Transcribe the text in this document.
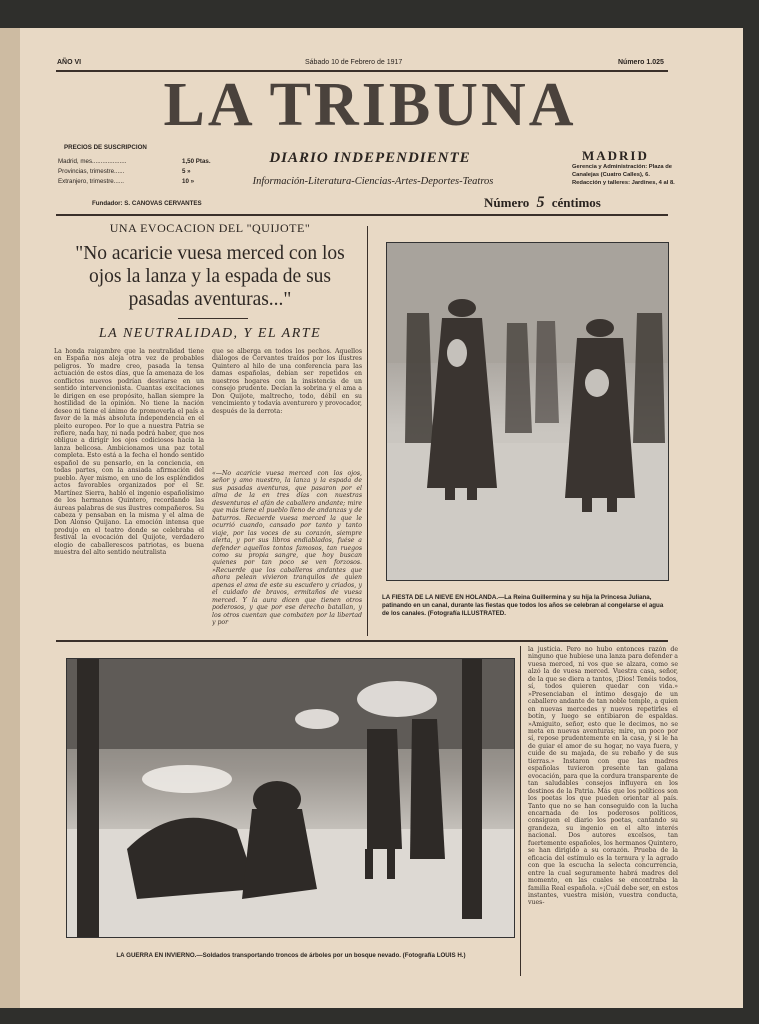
AÑO VI	Sábado 10 de Febrero de 1917	Número 1.025
LA TRIBUNA
PRECIOS DE SUSCRIPCION
Madrid, mes....................	1,50 Ptas.
Provincias, trimestre......	5 »
Extranjero, trimestre......	10 »
DIARIO INDEPENDIENTE
Información-Literatura-Ciencias-Artes-Deportes-Teatros
MADRID
Gerencia y Administración: Plaza de
Canalejas (Cuatro Calles), 6.
Redacción y talleres: Jardines, 4 al 8.
Fundador: S. CANOVAS CERVANTES	Número 5 céntimos
UNA EVOCACION DEL "QUIJOTE"
"No acaricie vuesa merced con los
ojos la lanza y la espada de sus
pasadas aventuras..."
LA NEUTRALIDAD, Y EL ARTE
La honda raigambre que la neutralidad tiene en España nos aleja otra vez de probables peligros. Yo madre creo, pasada la tensa actuación de estos días, que la amenaza de los conflictos nuevos podrían desviarse en un sentido intervencionista. Cuantas excitaciones le dirigen en ese propósito, hallan siempre la hostilidad de la opinión. No tiene la nación deseo ni tiene el ánimo de promoverla el país a favor de la más absoluta independencia en el pleito europeo. Por lo que a nuestra Patria se refiere, nada hay, ni nada podrá haber, que nos obligue a dirigir los ojos codiciosos hacia la lanza belicosa. Ambicionamos una paz total completa. Esto está a la fecha el hondo sentido español de su pensarlo, en la conciencia, en todas partes, con la ansiada afirmación del pueblo. Ayer mismo, en uno de los espléndidos actos favorables organizados por el Sr. Martínez Sierra, habló el ingenio españolísimo de los hermanos Quintero, recordando las áureas palabras de sus ilustres compañeros. Su cabeza y pensaban en la misma y el alma de Don Alonso Quijano. La emoción intensa que produjo en el teatro donde se celebraba el festival la evocación del Quijote, verdadero elogio de caballerescos patriotas, es buena muestra del alto sentido neutralista
que se alberga en todos los pechos. Aquellos diálogos de Cervantes traídos por los ilustres Quintero al hilo de una conferencia para las damas españolas, debían ser repetidos en nuestros hogares con la insistencia de un consejo prudente. Decían la sobrina y el ama a Don Quijote, maltrecho, todo, débil en su vencimiento y todavía aventurero y provocador, después de la derrota:
«—No acaricie vuesa merced con los ojos, señor y amo nuestro, la lanza y la espada de sus pasadas aventuras, que pasaron por el alma de la en tres días con nuestras desventuras el afán de caballero andante; mire que más tiene el pueblo lleno de andanzas y de baturros. Recuerde vuesa merced la que le ocurrió cuando, cansado por tanto y tanto viaje, por las voces de su corazón, siempre alerta, y por sus libros endiablados, fuése a defender aquellos tontos famosos, tan ruegos como su propia sangre, que hoy buscan quienes por tan poco se ven forzosos. »Recuerde que los caballeros andantes que ahora pelean vivieron tranquilos de quien apenas el ama de este su escudero y criados, y el cuidado de bravos, ermitaños de vuesa merced. Y la aura dicen que tienen otros poderosos, y que por ese derecho batallan, y los otros cuentan que combaten por la libertad y por
LA FIESTA DE LA NIEVE EN HOLANDA.—La Reina Guillermina y su hija la Princesa Juliana, patinando en un canal, durante las fiestas que todos los años se celebran al congelarse el agua de los canales. (Fotografía ILLUSTRATED.
LA GUERRA EN INVIERNO.—Soldados transportando troncos de árboles por un bosque nevado. (Fotografía LOUIS H.)
la justicia. Pero no hubo entonces razón de ninguno que hubiese una lanza para defender a vuesa merced, ni vos que se alzara, como se alzó la de vuesa merced. Vuestra casa, señor, de la que se diera a tantos, ¡Dios! Tenéis todos, sí, todos quieren quedar con vida.» »Presenciaban el íntimo desgajo de un caballero andante de tan noble temple, a quien en nuevas mercedes y nuevos repetirles el botín, y luego se entibiaron de espaldas. »Amiguito, señor, esto que le decimos, no se meta en nuevas aventuras; mire, un poco por sí, repose prudentemente en la casa, y si le ha de guiar el amor de su hogar, no vaya fuera, y cuide de su majada, de su rebaño y de sus tierras.» Instaron con que las madres españolas tuvieron presente tan galana evocación, para que la cordura transparente de tan saludables consejos influyera en los destinos de la Patria. Más que los políticos son los poetas los que pueden orientar al país. Tanto que no se han conseguido con la lucha encarnada de los poderosos políticos, consiguen el diario los poetas, cantando su grandeza, su ingenio en el alto interés nacional. Dos autores excelsos, tan fuertemente españoles, los hermanos Quintero, se han dirigido a su corazón. Prueba de la eficacia del estímulo es la ternura y la agrado con que la escucha la selecta concurrencia, entre la cual seguramente habrá madres del momento, en las cuales se encontraba la familia Real española. »¡Cuál debe ser, en estos instantes, vuestra misión, vuestra conducta, vues-
